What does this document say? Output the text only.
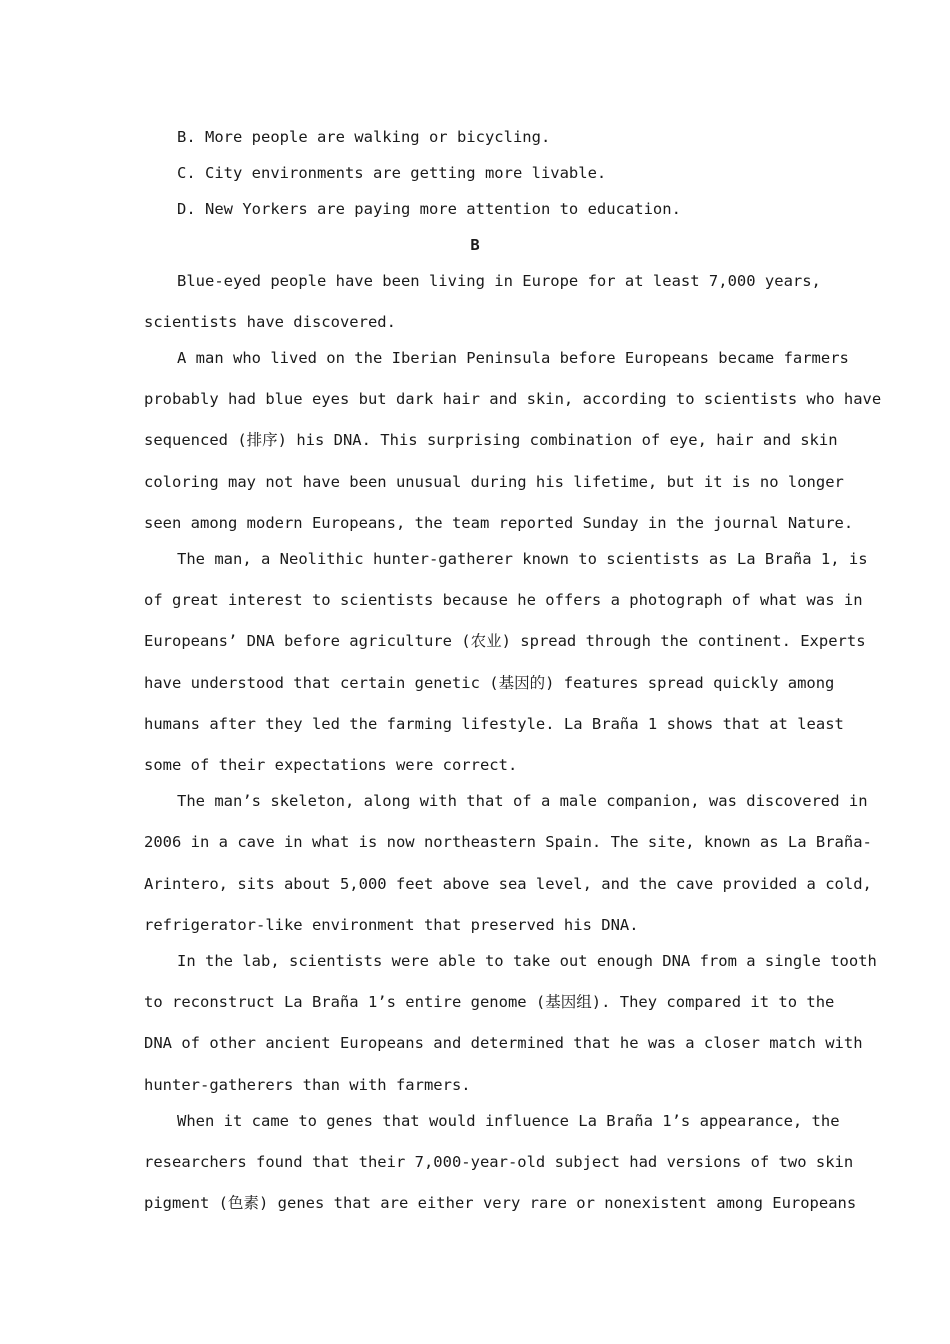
B. More people are walking or bicycling.
C. City environments are getting more livable.
D. New Yorkers are paying more attention to education.
B
Blue-eyed people have been living in Europe for at least 7,000 years,
scientists have discovered.
A man who lived on the Iberian Peninsula before Europeans became farmers
probably had blue eyes but dark hair and skin, according to scientists who have
sequenced (排序) his DNA. This surprising combination of eye, hair and skin
coloring may not have been unusual during his lifetime, but it is no longer
seen among modern Europeans, the team reported Sunday in the journal Nature.
The man, a Neolithic hunter-gatherer known to scientists as La Braña 1, is
of great interest to scientists because he offers a photograph of what was in
Europeans’ DNA before agriculture (农业) spread through the continent. Experts
have understood that certain genetic (基因的) features spread quickly among
humans after they led the farming lifestyle. La Braña 1 shows that at least
some of their expectations were correct.
The man’s skeleton, along with that of a male companion, was discovered in
2006 in a cave in what is now northeastern Spain. The site, known as La Braña-
Arintero, sits about 5,000 feet above sea level, and the cave provided a cold,
refrigerator-like environment that preserved his DNA.
In the lab, scientists were able to take out enough DNA from a single tooth
to reconstruct La Braña 1’s entire genome (基因组). They compared it to the
DNA of other ancient Europeans and determined that he was a closer match with
hunter-gatherers than with farmers.
When it came to genes that would influence La Braña 1’s appearance, the
researchers found that their 7,000-year-old subject had versions of two skin
pigment (色素) genes that are either very rare or nonexistent among Europeans
